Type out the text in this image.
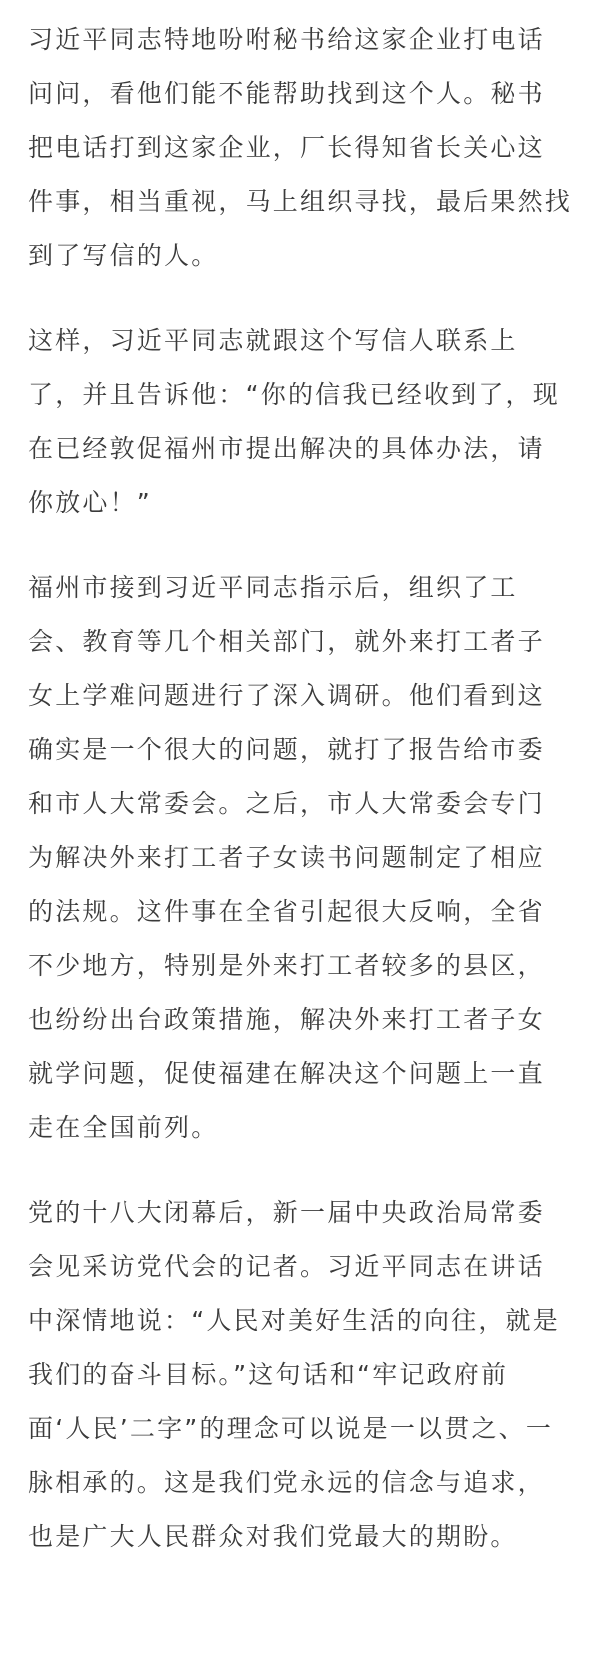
习近平同志特地吩咐秘书给这家企业打电话
问问，看他们能不能帮助找到这个人。秘书
把电话打到这家企业，厂长得知省长关心这
件事，相当重视，马上组织寻找，最后果然找
到了写信的人。

这样，习近平同志就跟这个写信人联系上
了，并且告诉他：“你的信我已经收到了，现
在已经敦促福州市提出解决的具体办法，请
你放心！”

福州市接到习近平同志指示后，组织了工
会、教育等几个相关部门，就外来打工者子
女上学难问题进行了深入调研。他们看到这
确实是一个很大的问题，就打了报告给市委
和市人大常委会。之后，市人大常委会专门
为解决外来打工者子女读书问题制定了相应
的法规。这件事在全省引起很大反响，全省
不少地方，特别是外来打工者较多的县区，
也纷纷出台政策措施，解决外来打工者子女
就学问题，促使福建在解决这个问题上一直
走在全国前列。

党的十八大闭幕后，新一届中央政治局常委
会见采访党代会的记者。习近平同志在讲话
中深情地说：“人民对美好生活的向往，就是
我们的奋斗目标。”这句话和“牢记政府前
面‘人民’二字”的理念可以说是一以贯之、一
脉相承的。这是我们党永远的信念与追求，
也是广大人民群众对我们党最大的期盼。
